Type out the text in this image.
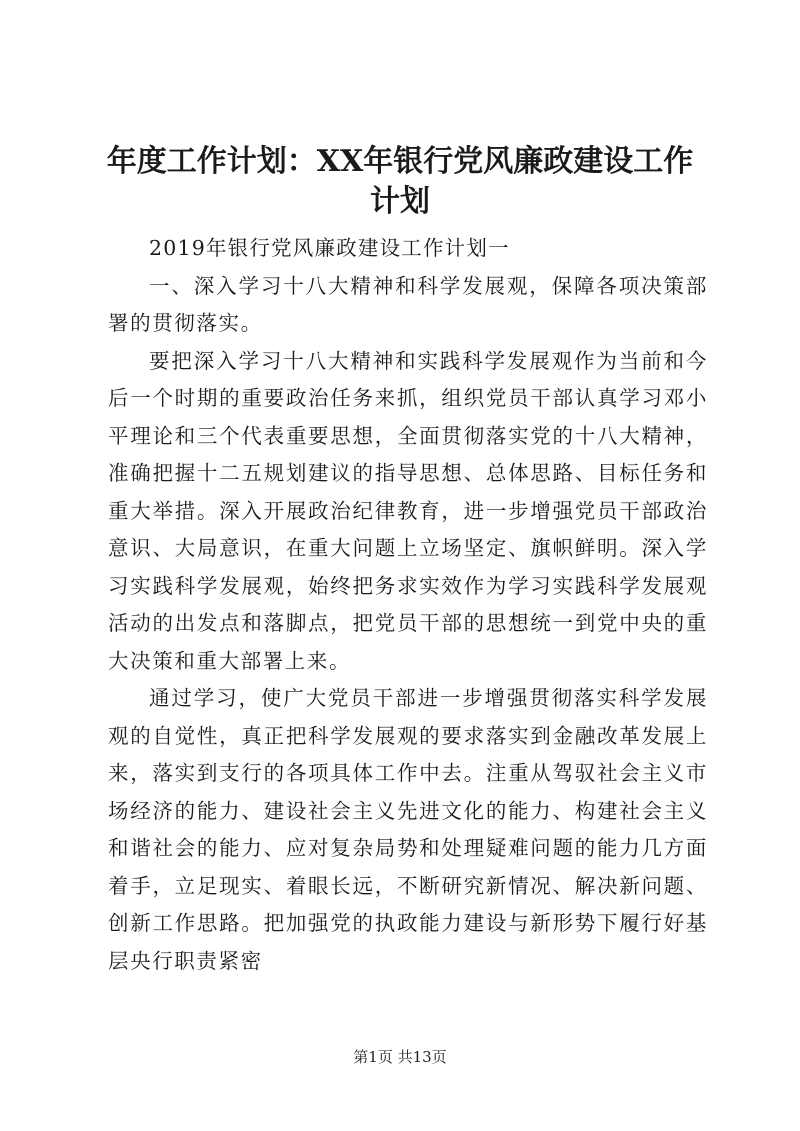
年度工作计划：XX年银行党风廉政建设工作
计划

2019年银行党风廉政建设工作计划一

一、深入学习十八大精神和科学发展观，保障各项决策部署的贯彻落实。

要把深入学习十八大精神和实践科学发展观作为当前和今后一个时期的重要政治任务来抓，组织党员干部认真学习邓小平理论和三个代表重要思想，全面贯彻落实党的十八大精神，准确把握十二五规划建议的指导思想、总体思路、目标任务和重大举措。深入开展政治纪律教育，进一步增强党员干部政治意识、大局意识，在重大问题上立场坚定、旗帜鲜明。深入学习实践科学发展观，始终把务求实效作为学习实践科学发展观活动的出发点和落脚点，把党员干部的思想统一到党中央的重大决策和重大部署上来。

通过学习，使广大党员干部进一步增强贯彻落实科学发展观的自觉性，真正把科学发展观的要求落实到金融改革发展上来，落实到支行的各项具体工作中去。注重从驾驭社会主义市场经济的能力、建设社会主义先进文化的能力、构建社会主义和谐社会的能力、应对复杂局势和处理疑难问题的能力几方面着手，立足现实、着眼长远，不断研究新情况、解决新问题、创新工作思路。把加强党的执政能力建设与新形势下履行好基层央行职责紧密

第1页 共13页
